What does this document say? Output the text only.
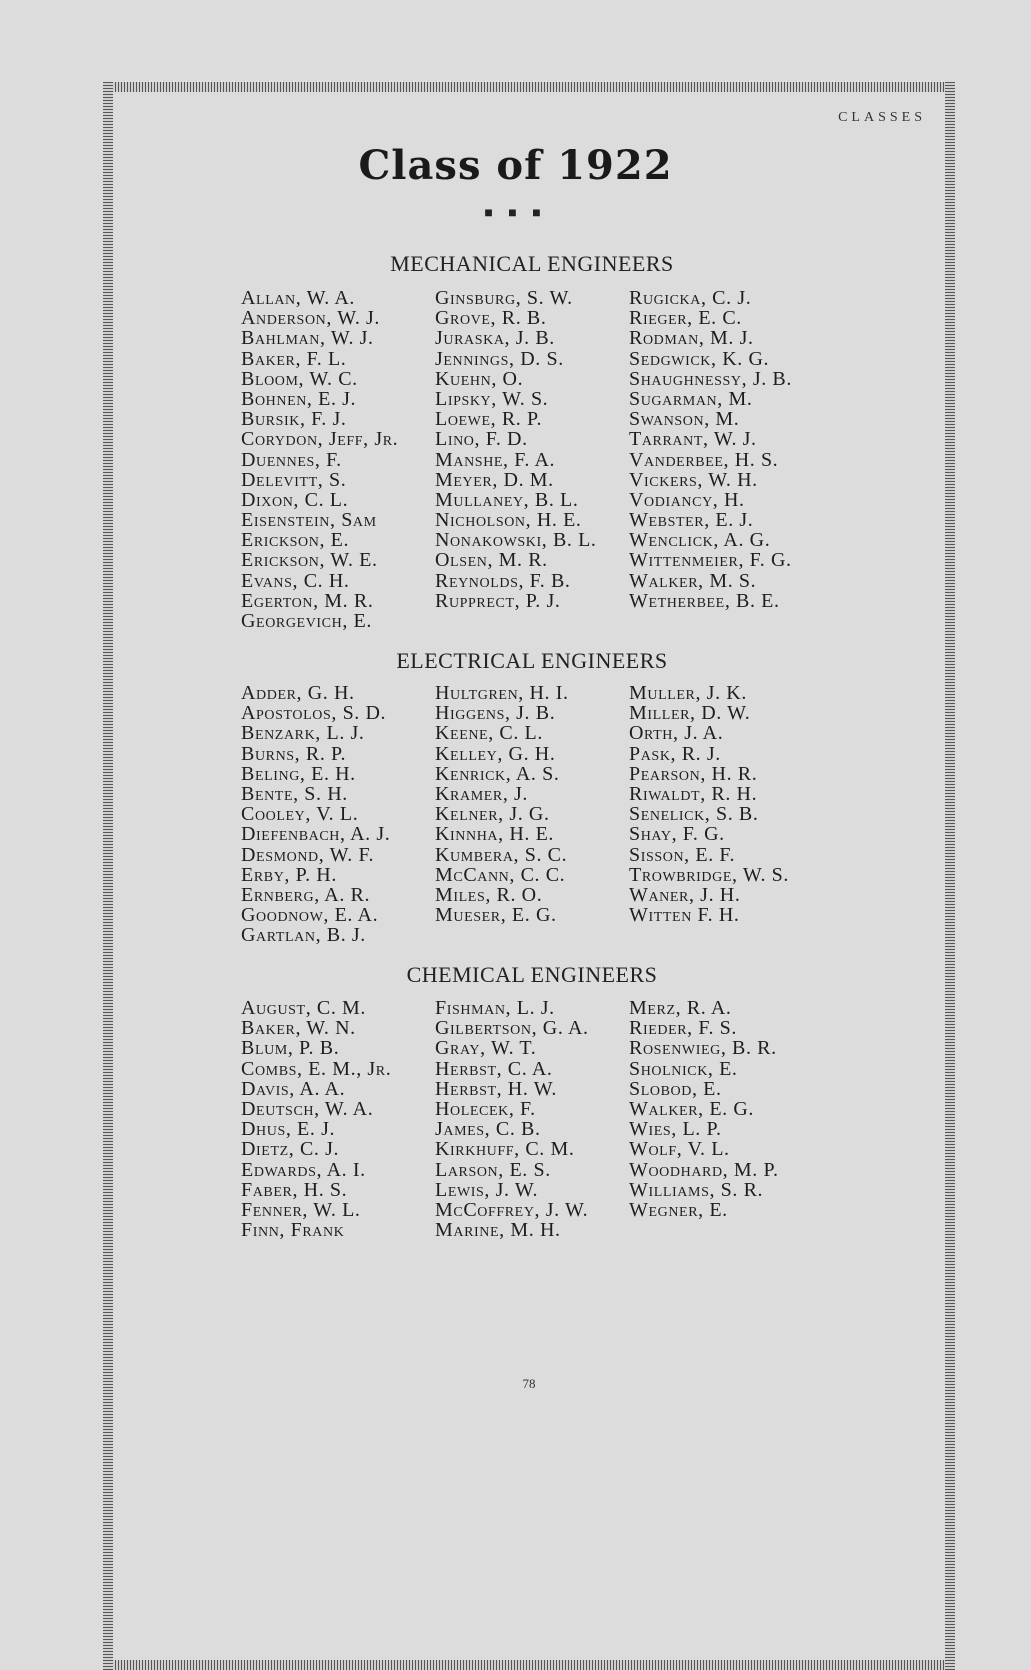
CLASSES
Class of 1922
■ ■ ■
MECHANICAL ENGINEERS
Allan, W. A.
Anderson, W. J.
Bahlman, W. J.
Baker, F. L.
Bloom, W. C.
Bohnen, E. J.
Bursik, F. J.
Corydon, Jeff, Jr.
Duennes, F.
Delevitt, S.
Dixon, C. L.
Eisenstein, Sam
Erickson, E.
Erickson, W. E.
Evans, C. H.
Egerton, M. R.
Georgevich, E.
Ginsburg, S. W.
Grove, R. B.
Juraska, J. B.
Jennings, D. S.
Kuehn, O.
Lipsky, W. S.
Loewe, R. P.
Lino, F. D.
Manshe, F. A.
Meyer, D. M.
Mullaney, B. L.
Nicholson, H. E.
Nonakowski, B. L.
Olsen, M. R.
Reynolds, F. B.
Rupprect, P. J.
Rugicka, C. J.
Rieger, E. C.
Rodman, M. J.
Sedgwick, K. G.
Shaughnessy, J. B.
Sugarman, M.
Swanson, M.
Tarrant, W. J.
Vanderbee, H. S.
Vickers, W. H.
Vodiancy, H.
Webster, E. J.
Wenclick, A. G.
Wittenmeier, F. G.
Walker, M. S.
Wetherbee, B. E.
ELECTRICAL ENGINEERS
Adder, G. H.
Apostolos, S. D.
Benzark, L. J.
Burns, R. P.
Beling, E. H.
Bente, S. H.
Cooley, V. L.
Diefenbach, A. J.
Desmond, W. F.
Erby, P. H.
Ernberg, A. R.
Goodnow, E. A.
Gartlan, B. J.
Hultgren, H. I.
Higgens, J. B.
Keene, C. L.
Kelley, G. H.
Kenrick, A. S.
Kramer, J.
Kelner, J. G.
Kinnha, H. E.
Kumbera, S. C.
McCann, C. C.
Miles, R. O.
Mueser, E. G.
Muller, J. K.
Miller, D. W.
Orth, J. A.
Pask, R. J.
Pearson, H. R.
Riwaldt, R. H.
Senelick, S. B.
Shay, F. G.
Sisson, E. F.
Trowbridge, W. S.
Waner, J. H.
Witten F. H.
CHEMICAL ENGINEERS
August, C. M.
Baker, W. N.
Blum, P. B.
Combs, E. M., Jr.
Davis, A. A.
Deutsch, W. A.
Dhus, E. J.
Dietz, C. J.
Edwards, A. I.
Faber, H. S.
Fenner, W. L.
Finn, Frank
Fishman, L. J.
Gilbertson, G. A.
Gray, W. T.
Herbst, C. A.
Herbst, H. W.
Holecek, F.
James, C. B.
Kirkhuff, C. M.
Larson, E. S.
Lewis, J. W.
McCoffrey, J. W.
Marine, M. H.
Merz, R. A.
Rieder, F. S.
Rosenwieg, B. R.
Sholnick, E.
Slobod, E.
Walker, E. G.
Wies, L. P.
Wolf, V. L.
Woodhard, M. P.
Williams, S. R.
Wegner, E.
78
